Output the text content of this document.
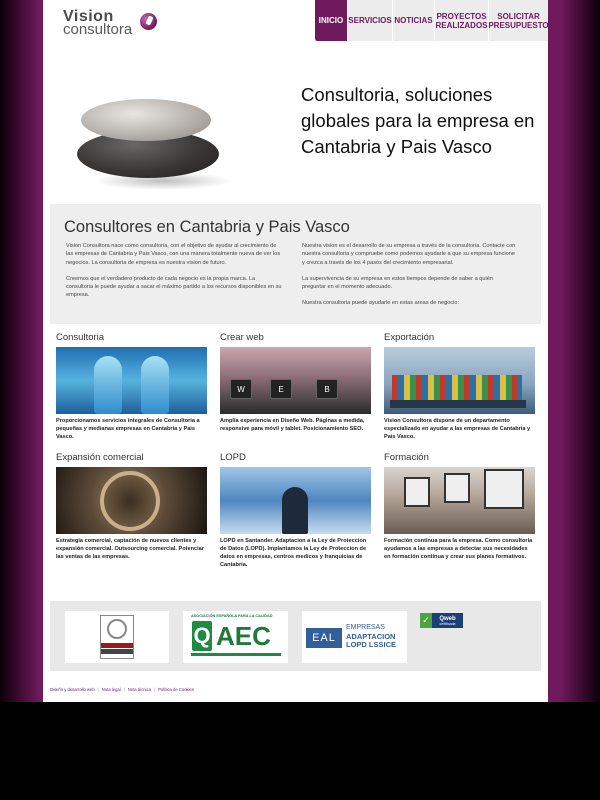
Vision
consultora
INICIO SERVICIOS NOTICIAS PROYECTOS REALIZADOS
SOLICITAR PRESUPUESTO
Consultoria, soluciones globales para la empresa en Cantabria y Pais Vasco
Consultores en Cantabria y Pais Vasco

Vision Consultora nace como consultoria, con el objetivo de ayudar al crecimiento de las empresas de Cantabria y Pais Vasco, con una manera totalmente nueva de ver los negocios. La consultoria de empresa es nuestra vision de futuro.

Creemos que el verdadero producto de cada negocio es la propia marca. La consultoria le puede ayudar a sacar el máximo partido a los recursos disponibles en su empresa.

Nuestra vision es el desarrollo de su empresa a través de la consultoria. Contacte con nuestra consultoria y compruebe como podemos ayudarle a que su empresa funcione y crezca a través de los 4 pasos del crecimiento empresarial.

La supervivencia de su empresa en estos tiempos depende de saber a quién preguntar en el momento adecuado.

Nuestra consultoria puede ayudarle en estas areas de negocio:

Consultoria
Proporcionamos servicios integrales de Consultoria a pequeñas y medianas empresas en Cantabria y Pais Vasco.
Crear web
W	E	B
Amplia experiencia en Diseño Web. Páginas a medida, responsive para móvil y tablet. Posicionamiento SEO.
Exportación
Vision Consultora dispone de un departamento especializado en ayudar a las empresas de Cantabria y Pais Vasco.
Expansión comercial
Estrategia comercial, captación de nuevos clientes y expansión comercial. Outsourcing comercial. Potenciar las ventas de las empresas.
LOPD
LOPD en Santander. Adaptacion a la Ley de Proteccion de Datos (LOPD). Implantamos la Ley de Proteccion de datos en empresas, centros medicos y franquicias de Cantabria.
Formación
Formación continua para la empresa. Como consultoria ayudamos a las empresas a detectar sus necesidades en formación continua y crear sus planes formativos.
ASOCIACIÓN ESPAÑOLA PARA LA CALIDAD
Q AEC	EAL
EMPRESAS
ADAPTACION
LOPD LSSICE
✓	Qweb
certificada
Diseño y desarrollo web | Nota legal | Nota técnica | Política de Cookies
